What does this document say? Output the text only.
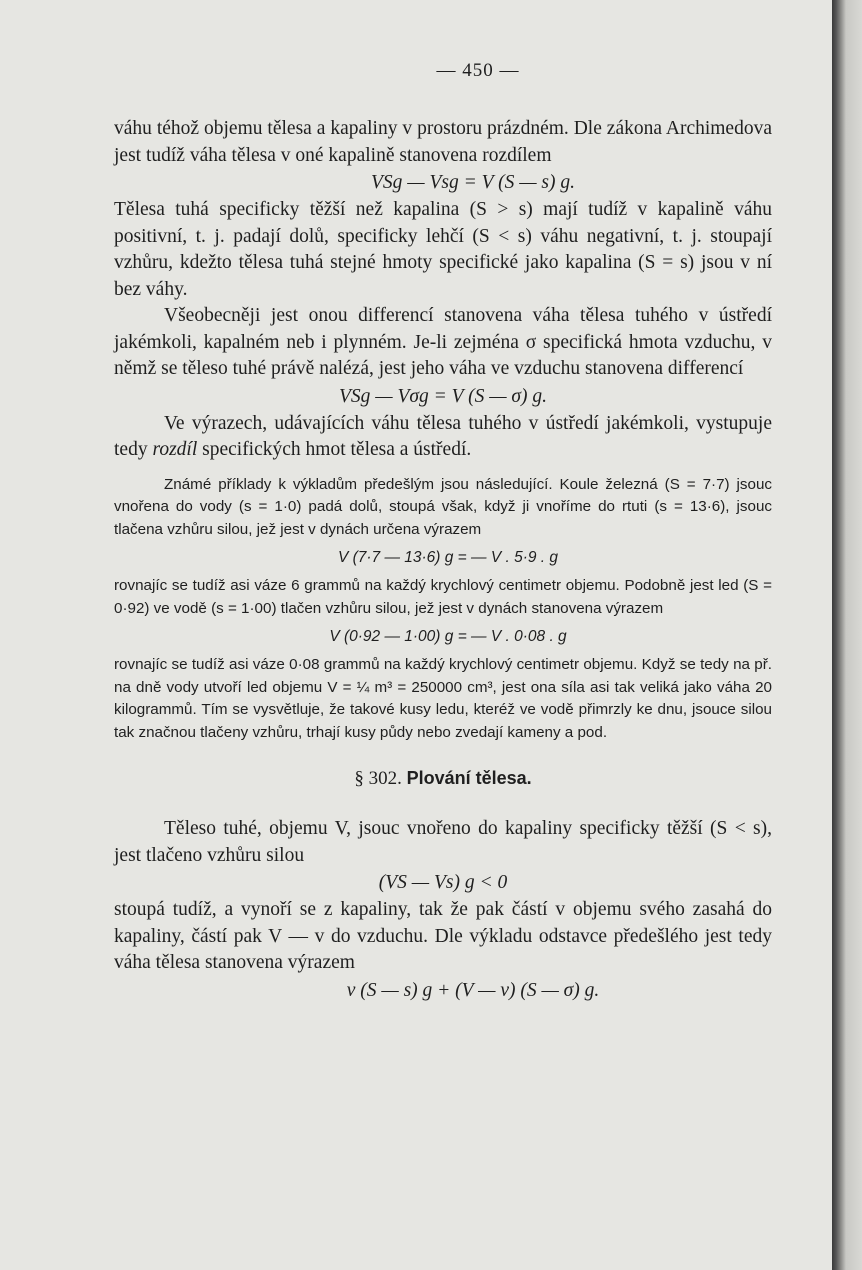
— 450 —

váhu téhož objemu tělesa a kapaliny v prostoru prázdném. Dle zákona Archimedova jest tudíž váha tělesa v oné kapalině stanovena rozdílem

VSg — Vsg = V (S — s) g.

Tělesa tuhá specificky těžší než kapalina (S > s) mají tudíž v kapalině váhu positivní, t. j. padají dolů, specificky lehčí (S < s) váhu negativní, t. j. stoupají vzhůru, kdežto tělesa tuhá stejné hmoty specifické jako kapalina (S = s) jsou v ní bez váhy.

Všeobecněji jest onou differencí stanovena váha tělesa tuhého v ústředí jakémkoli, kapalném neb i plynném. Je-li zejména σ specifická hmota vzduchu, v němž se těleso tuhé právě nalézá, jest jeho váha ve vzduchu stanovena differencí

VSg — Vσg = V (S — σ) g.

Ve výrazech, udávajících váhu tělesa tuhého v ústředí jakémkoli, vystupuje tedy rozdíl specifických hmot tělesa a ústředí.

Známé příklady k výkladům předešlým jsou následující. Koule železná (S = 7·7) jsouc vnořena do vody (s = 1·0) padá dolů, stoupá však, když ji vnoříme do rtuti (s = 13·6), jsouc tlačena vzhůru silou, jež jest v dynách určena výrazem

V (7·7 — 13·6) g = — V . 5·9 . g

rovnajíc se tudíž asi váze 6 grammů na každý krychlový centimetr objemu. Podobně jest led (S = 0·92) ve vodě (s = 1·00) tlačen vzhůru silou, jež jest v dynách stanovena výrazem

V (0·92 — 1·00) g = — V . 0·08 . g

rovnajíc se tudíž asi váze 0·08 grammů na každý krychlový centimetr objemu. Když se tedy na př. na dně vody utvoří led objemu V = ¼ m³ = 250000 cm³, jest ona síla asi tak veliká jako váha 20 kilogrammů. Tím se vysvětluje, že takové kusy ledu, kteréž ve vodě přimrzly ke dnu, jsouce silou tak značnou tlačeny vzhůru, trhají kusy půdy nebo zvedají kameny a pod.

§ 302. Plování tělesa.

Těleso tuhé, objemu V, jsouc vnořeno do kapaliny specificky těžší (S < s), jest tlačeno vzhůru silou

(VS — Vs) g < 0

stoupá tudíž, a vynoří se z kapaliny, tak že pak částí v objemu svého zasahá do kapaliny, částí pak V — v do vzduchu. Dle výkladu odstavce předešlého jest tedy váha tělesa stanovena výrazem

v (S — s) g + (V — v) (S — σ) g.
